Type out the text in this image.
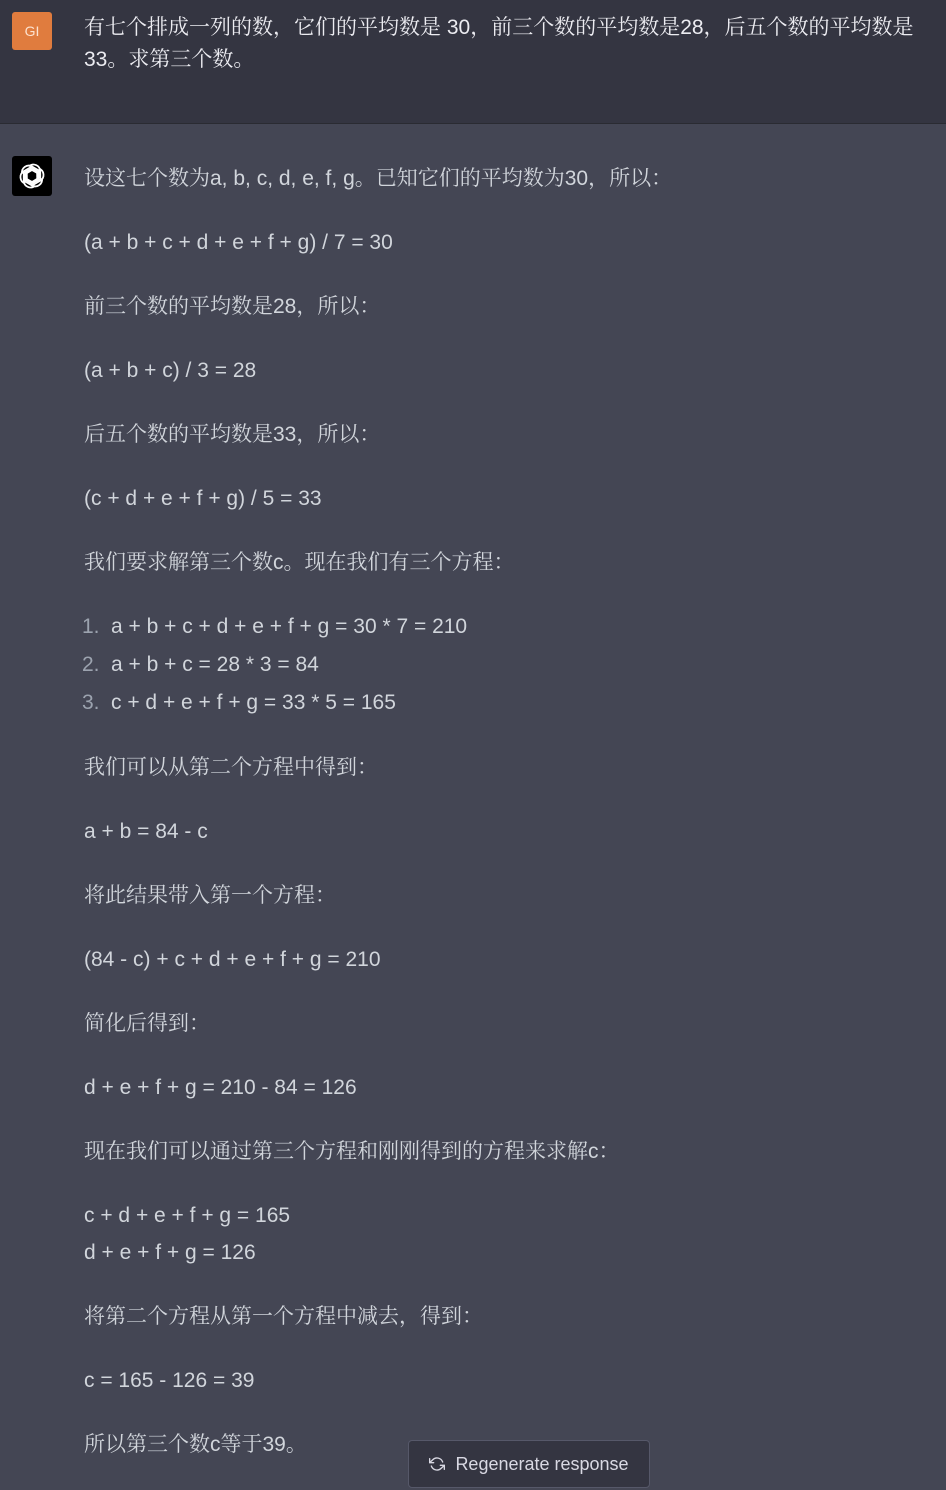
GI	有七个排成一列的数，它们的平均数是 30，前三个数的平均数是28，后五个数的平均数是33。求第三个数。

设这七个数为a, b, c, d, e, f, g。已知它们的平均数为30，所以：

(a + b + c + d + e + f + g) / 7 = 30

前三个数的平均数是28，所以：

(a + b + c) / 3 = 28

后五个数的平均数是33，所以：

(c + d + e + f + g) / 5 = 33

我们要求解第三个数c。现在我们有三个方程：

1. a + b + c + d + e + f + g = 30 * 7 = 210
2. a + b + c = 28 * 3 = 84
3. c + d + e + f + g = 33 * 5 = 165

我们可以从第二个方程中得到：

a + b = 84 - c

将此结果带入第一个方程：

(84 - c) + c + d + e + f + g = 210

简化后得到：

d + e + f + g = 210 - 84 = 126

现在我们可以通过第三个方程和刚刚得到的方程来求解c：

c + d + e + f + g = 165

d + e + f + g = 126

将第二个方程从第一个方程中减去，得到：

c = 165 - 126 = 39

所以第三个数c等于39。

Regenerate response
